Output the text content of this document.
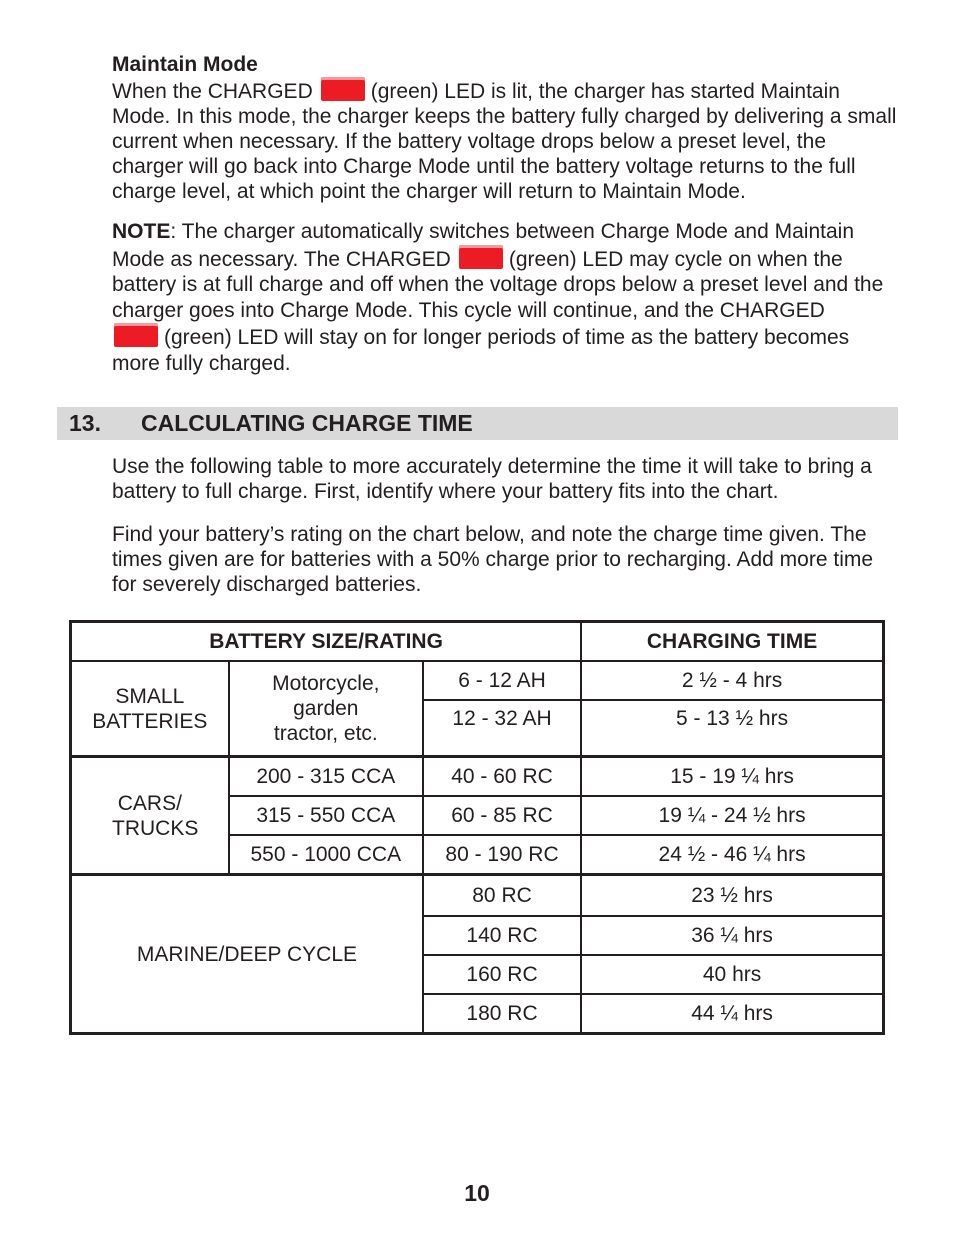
Maintain Mode
When the CHARGED	(green) LED is lit, the charger has started Maintain Mode. In this mode, the charger keeps the battery fully charged by delivering a small current when necessary. If the battery voltage drops below a preset level, the charger will go back into Charge Mode until the battery voltage returns to the full charge level, at which point the charger will return to Maintain Mode.

NOTE: The charger automatically switches between Charge Mode and Maintain Mode as necessary. The CHARGED	(green) LED may cycle on when the battery is at full charge and off when the voltage drops below a preset level and the charger goes into Charge Mode. This cycle will continue, and the CHARGED
(green) LED will stay on for longer periods of time as the battery becomes more fully charged.

13. CALCULATING CHARGE TIME

Use the following table to more accurately determine the time it will take to bring a battery to full charge. First, identify where your battery fits into the chart.

Find your battery’s rating on the chart below, and note the charge time given. The times given are for batteries with a 50% charge prior to recharging. Add more time for severely discharged batteries.

BATTERY SIZE/RATING			CHARGING TIME
SMALL BATTERIES	Motorcycle, garden tractor, etc.	6 - 12 AH	2 ½ - 4 hrs
		12 - 32 AH	5 - 13 ½ hrs
CARS/ TRUCKS	200 - 315 CCA	40 - 60 RC	15 - 19 ¼ hrs
	315 - 550 CCA	60 - 85 RC	19 ¼ - 24 ½ hrs
	550 - 1000 CCA	80 - 190 RC	24 ½ - 46 ¼ hrs
MARINE/DEEP CYCLE		80 RC	23 ½ hrs
		140 RC	36 ¼ hrs
		160 RC	40 hrs
		180 RC	44 ¼ hrs
10
